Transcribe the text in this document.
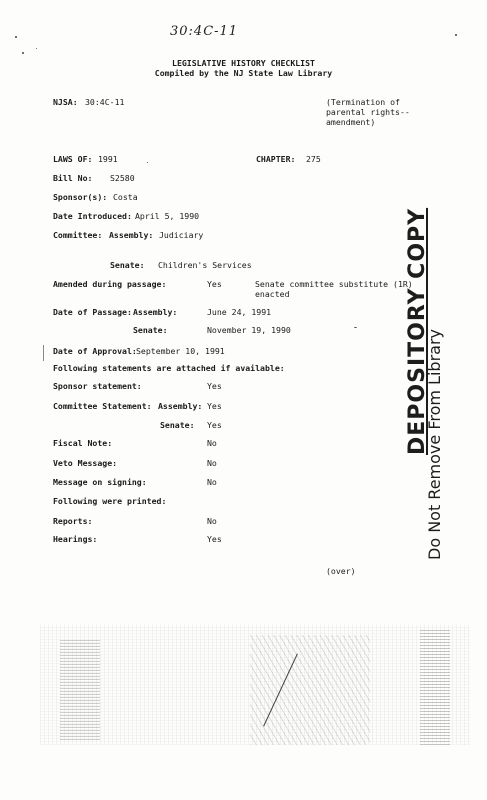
30:4C-11
LEGISLATIVE HISTORY CHECKLIST
Compiled by the NJ State Law Library
NJSA: 30:4C-11	(Termination of
parental rights--
amendment)
LAWS OF: 1991	CHAPTER: 275
Bill No: S2580
Sponsor(s): Costa
Date Introduced: April 5, 1990
Committee: Assembly: Judiciary
Senate: Children's Services
Amended during passage:	Yes	Senate committee substitute (1R)
enacted
Date of Passage: Assembly:	June 24, 1991
Senate:	November 19, 1990
Date of Approval: September 10, 1991
Following statements are attached if available:
Sponsor statement:	Yes
Committee Statement: Assembly: Yes
Senate: Yes
Fiscal Note:	No
Veto Message:	No
Message on signing:	No
Following were printed:
Reports:	No
Hearings:	Yes
(over)
DEPOSITORY COPY
Do Not Remove From Library
